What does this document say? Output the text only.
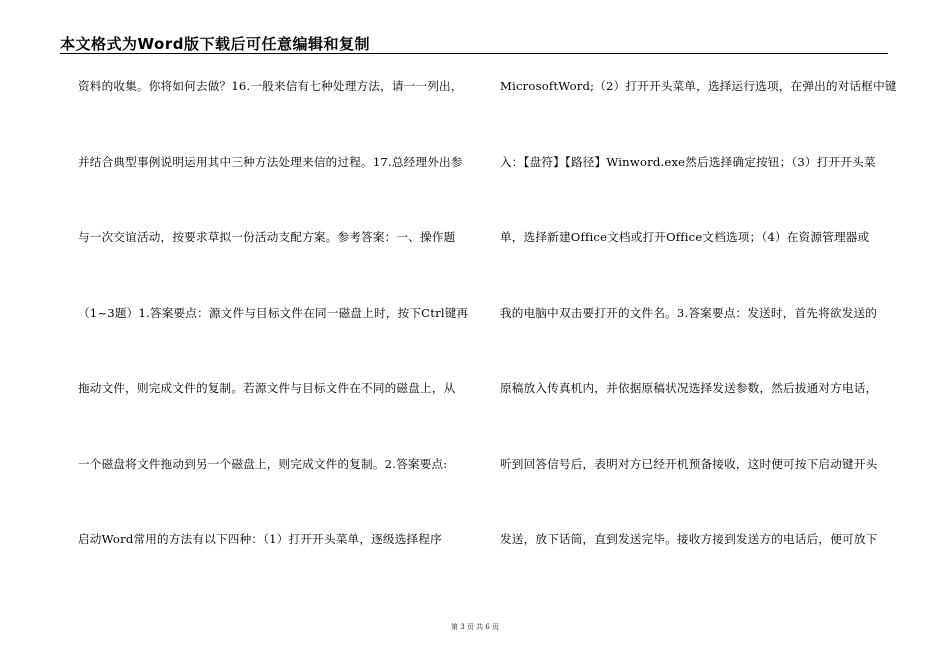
本文格式为Word版下载后可任意编辑和复制
资料的收集。你将如何去做？16.一般来信有七种处理方法，请一一列出，
并结合典型事例说明运用其中三种方法处理来信的过程。17.总经理外出参
与一次交谊活动，按要求草拟一份活动支配方案。参考答案：一、操作题
（1~3题）1.答案要点：源文件与目标文件在同一磁盘上时，按下Ctrl键再
拖动文件，则完成文件的复制。若源文件与目标文件在不同的磁盘上，从
一个磁盘将文件拖动到另一个磁盘上，则完成文件的复制。2.答案要点:
启动Word常用的方法有以下四种：（1）打开开头菜单，逐级选择程序
MicrosoftWord;（2）打开开头菜单，选择运行选项，在弹出的对话框中键
入：【盘符】【路径】Winword.exe然后选择确定按钮；（3）打开开头菜
单，选择新建Office文档或打开Office文档选项；（4）在资源管理器或
我的电脑中双击要打开的文件名。3.答案要点：发送时，首先将欲发送的
原稿放入传真机内，并依据原稿状况选择发送参数，然后拔通对方电话，
听到回答信号后，表明对方已经开机预备接收，这时便可按下启动键开头
发送，放下话筒，直到发送完毕。接收方接到发送方的电话后，便可放下
第 3 页 共 6 页
